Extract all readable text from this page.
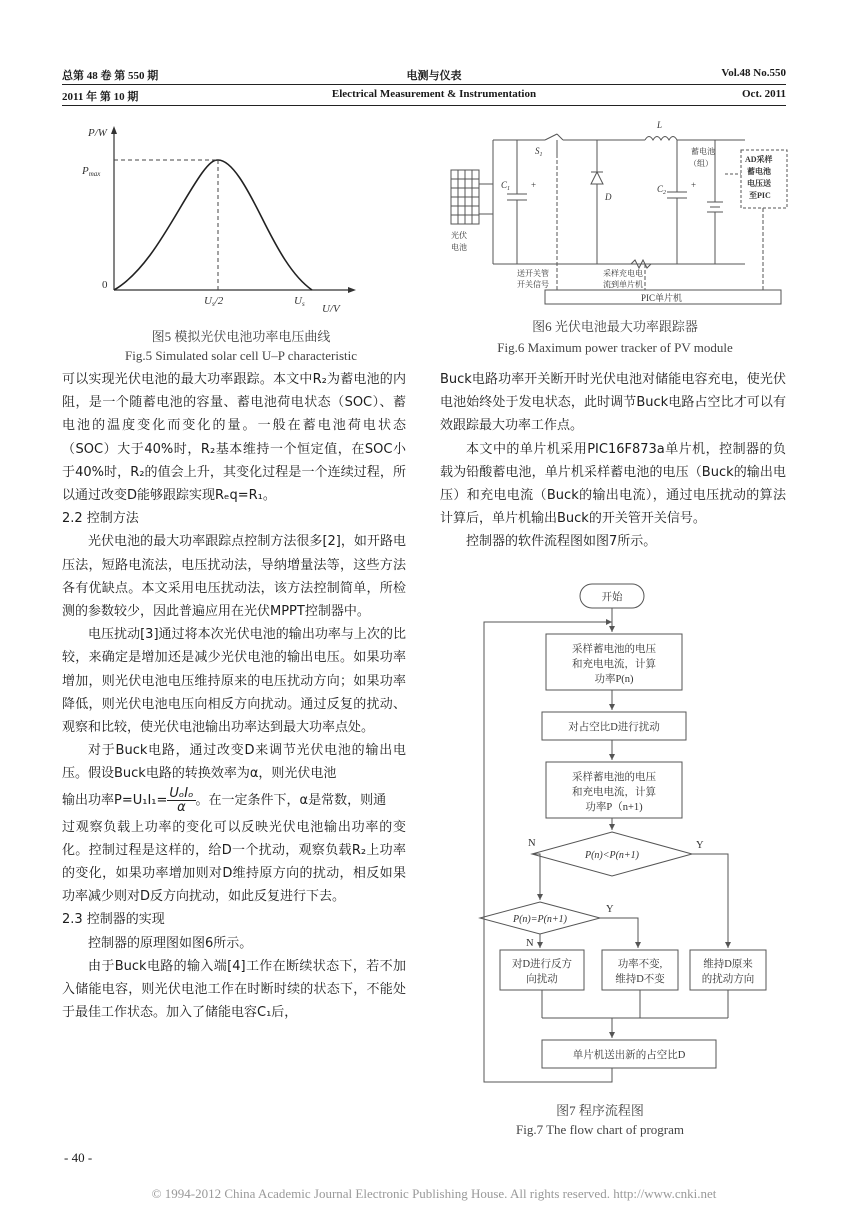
总第 48 卷 第 550 期
2011 年 第 10 期
电测与仪表
Electrical Measurement & Instrumentation
Vol.48 No.550
Oct. 2011
P/W
Pmax
0
Us/2	Us U/V
图5 模拟光伏电池功率电压曲线
Fig.5 Simulated solar cell U–P characteristic
$S_1$
$C_1$ +
D
L
$C_2$
+
蓄电池
（组）
光伏
电池
AD采样
蓄电池
电压送
至PIC
送开关管
开关信号
采样充电电
流到单片机
PIC单片机
图6 光伏电池最大功率跟踪器
Fig.6 Maximum power tracker of PV module

可以实现光伏电池的最大功率跟踪。本文中R₂为蓄电池的内阻，是一个随蓄电池的容量、蓄电池荷电状态（SOC）、蓄电池的温度变化而变化的量。一般在蓄电池荷电状态（SOC）大于40%时，R₂基本维持一个恒定值，在SOC小于40%时，R₂的值会上升，其变化过程是一个连续过程，所以通过改变D能够跟踪实现Rₑq=R₁。

2.2 控制方法

光伏电池的最大功率跟踪点控制方法很多[2]，如开路电压法，短路电流法，电压扰动法，导纳增量法等，这些方法各有优缺点。本文采用电压扰动法，该方法控制简单，所检测的参数较少，因此普遍应用在光伏MPPT控制器中。

电压扰动[3]通过将本次光伏电池的输出功率与上次的比较，来确定是增加还是减少光伏电池的输出电压。如果功率增加，则光伏电池电压维持原来的电压扰动方向；如果功率降低，则光伏电池电压向相反方向扰动。通过反复的扰动、观察和比较，使光伏电池输出功率达到最大功率点处。

对于Buck电路，通过改变D来调节光伏电池的输出电压。假设Buck电路的转换效率为α，则光伏电池

输出功率P=U₁I₁= UₒIₒ
α 。在一定条件下，α是常数，则通

过观察负载上功率的变化可以反映光伏电池输出功率的变化。控制过程是这样的，给D一个扰动，观察负载R₂上功率的变化，如果功率增加则对D维持原方向的扰动，相反如果功率减少则对D反方向扰动，如此反复进行下去。

2.3 控制器的实现

控制器的原理图如图6所示。

由于Buck电路的输入端[4]工作在断续状态下，若不加入储能电容，则光伏电池工作在时断时续的状态下，不能处于最佳工作状态。加入了储能电容C₁后，

Buck电路功率开关断开时光伏电池对储能电容充电，使光伏电池始终处于发电状态，此时调节Buck电路占空比才可以有效跟踪最大功率工作点。

本文中的单片机采用PIC16F873a单片机，控制器的负载为铅酸蓄电池，单片机采样蓄电池的电压（Buck的输出电压）和充电电流（Buck的输出电流），通过电压扰动的算法计算后，单片机输出Buck的开关管开关信号。

控制器的软件流程图如图7所示。

开始
采样蓄电池的电压
和充电电流，计算
功率P(n)
对占空比D进行扰动
采样蓄电池的电压
和充电电流，计算
功率P（n+1)
P(n)<P(n+1)
P(n)=P(n+1)
N	Y
N
Y
对D进行反方
向扰动
功率不变,
维持D不变
维持D原来
的扰动方向
单片机送出新的占空比D
图7 程序流程图
Fig.7 The flow chart of program
- 40 -
© 1994-2012 China Academic Journal Electronic Publishing House. All rights reserved. http://www.cnki.net
